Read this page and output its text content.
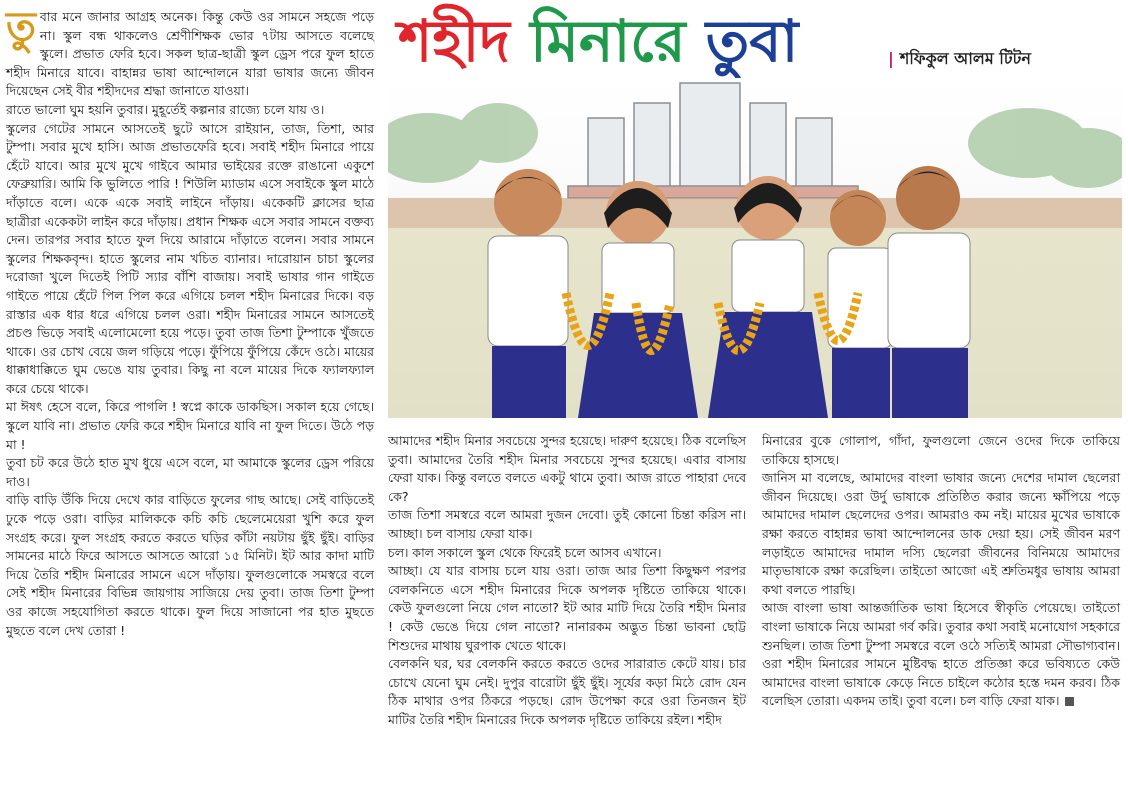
তু বার মনে জানার আগ্রহ অনেক। কিন্তু কেউ ওর সামনে সহজে পড়ে না। স্কুল বন্ধ থাকলেও শ্রেণীশিক্ষক ভোর ৭টায় আসতে বলেছে স্কুলে। প্রভাত ফেরি হবে। সকল ছাত্র-ছাত্রী স্কুল ড্রেস পরে ফুল হাতে শহীদ মিনারে যাবে। বাহান্নর ভাষা আন্দোলনে যারা ভাষার জন্যে জীবন দিয়েছেন সেই বীর শহীদদের শ্রদ্ধা জানাতে যাওয়া।

রাতে ভালো ঘুম হয়নি তুবার। মুহূর্তেই কল্পনার রাজ্যে চলে যায় ও।

স্কুলের গেটের সামনে আসতেই ছুটে আসে রাইয়ান, তাজ, তিশা, আর টুম্পা। সবার মুখে হাসি। আজ প্রভাতফেরি হবে। সবাই শহীদ মিনারে পায়ে হেঁটে যাবে। আর মুখে মুখে গাইবে আমার ভাইয়ের রক্তে রাঙানো একুশে ফেব্রুয়ারি। আমি কি ভুলিতে পারি ! শিউলি ম্যাডাম এসে সবাইকে স্কুল মাঠে দাঁড়াতে বলে। একে একে সবাই লাইনে দাঁড়ায়। একেকটি ক্লাসের ছাত্র ছাত্রীরা একেকটা লাইন করে দাঁড়ায়। প্রধান শিক্ষক এসে সবার সামনে বক্তব্য দেন। তারপর সবার হাতে ফুল দিয়ে আরামে দাঁড়াতে বলেন। সবার সামনে স্কুলের শিক্ষকবৃন্দ। হাতে স্কুলের নাম খচিত ব্যানার। দারোয়ান চাচা স্কুলের দরোজা খুলে দিতেই পিটি স্যার বাঁশি বাজায়। সবাই ভাষার গান গাইতে গাইতে পায়ে হেঁটে পিল পিল করে এগিয়ে চলল শহীদ মিনারের দিকে। বড় রাস্তার এক ধার ধরে এগিয়ে চলল ওরা। শহীদ মিনারের সামনে আসতেই প্রচণ্ড ভিড়ে সবাই এলোমেলো হয়ে পড়ে। তুবা তাজ তিশা টুম্পাকে খুঁজতে থাকে। ওর চোখ বেয়ে জল গড়িয়ে পড়ে। ফুঁপিয়ে ফুঁপিয়ে কেঁদে ওঠে। মায়ের ধাক্কাধাক্কিতে ঘুম ভেঙে যায় তুবার। কিছু না বলে মায়ের দিকে ফ্যালফ্যাল করে চেয়ে থাকে।

মা ঈষৎ হেসে বলে, কিরে পাগলি ! স্বপ্নে কাকে ডাকছিস। সকাল হয়ে গেছে। স্কুলে যাবি না। প্রভাত ফেরি করে শহীদ মিনারে যাবি না ফুল দিতে। উঠে পড় মা !

তুবা চট করে উঠে হাত মুখ ধুয়ে এসে বলে, মা আমাকে স্কুলের ড্রেস পরিয়ে দাও।

বাড়ি বাড়ি উঁকি দিয়ে দেখে কার বাড়িতে ফুলের গাছ আছে। সেই বাড়িতেই ঢুকে পড়ে ওরা। বাড়ির মালিককে কচি কচি ছেলেমেয়েরা খুশি করে ফুল সংগ্রহ করে। ফুল সংগ্রহ করতে করতে ঘড়ির কাঁটা নয়টায় ছুঁই ছুঁই। বাড়ির সামনের মাঠে ফিরে আসতে আসতে আরো ১৫ মিনিট। ইট আর কাদা মাটি দিয়ে তৈরি শহীদ মিনারের সামনে এসে দাঁড়ায়। ফুলগুলোকে সমস্বরে বলে সেই শহীদ মিনারের বিভিন্ন জায়গায় সাজিয়ে দেয় তুবা। তাজ তিশা টুম্পা ওর কাজে সহযোগিতা করতে থাকে। ফুল দিয়ে সাজানো পর হাত মুছতে মুছতে বলে দেখ তোরা !

শহীদ মিনারে তুবা	| শফিকুল আলম টিটন

আমাদের শহীদ মিনার সবচেয়ে সুন্দর হয়েছে। দারুণ হয়েছে। ঠিক বলেছিস তুবা। আমাদের তৈরি শহীদ মিনার সবচেয়ে সুন্দর হয়েছে। এবার বাসায় ফেরা যাক। কিন্তু বলতে বলতে একটু থামে তুবা। আজ রাতে পাহারা দেবে কে?

তাজ তিশা সমস্বরে বলে আমরা দুজন দেবো। তুই কোনো চিন্তা করিস না। আচ্ছা। চল বাসায় ফেরা যাক।

চল। কাল সকালে স্কুল থেকে ফিরেই চলে আসব এখানে।

আচ্ছা। যে যার বাসায় চলে যায় ওরা। তাজ আর তিশা কিছুক্ষণ পরপর বেলকনিতে এসে শহীদ মিনারের দিকে অপলক দৃষ্টিতে তাকিয়ে থাকে। কেউ ফুলগুলো নিয়ে গেল নাতো? ইট আর মাটি দিয়ে তৈরি শহীদ মিনার ! কেউ ভেঙে দিয়ে গেল নাতো? নানারকম অদ্ভুত চিন্তা ভাবনা ছোট্ট শিশুদের মাথায় ঘুরপাক খেতে থাকে।

বেলকনি ঘর, ঘর বেলকনি করতে করতে ওদের সারারাত কেটে যায়। চার চোখে যেনো ঘুম নেই। দুপুর বারোটা ছুঁই ছুঁই। সূর্যের কড়া মিঠে রোদ যেন ঠিক মাথার ওপর ঠিকরে পড়ছে। রোদ উপেক্ষা করে ওরা তিনজন ইট মাটির তৈরি শহীদ মিনারের দিকে অপলক দৃষ্টিতে তাকিয়ে রইল। শহীদ

মিনারের বুকে গোলাপ, গাঁদা, ফুলগুলো জেনে ওদের দিকে তাকিয়ে তাকিয়ে হাসছে।

জানিস মা বলেছে, আমাদের বাংলা ভাষার জন্যে দেশের দামাল ছেলেরা জীবন দিয়েছে। ওরা উর্দু ভাষাকে প্রতিষ্ঠিত করার জন্যে ক্ষাঁপিয়ে পড়ে আমাদের দামাল ছেলেদের ওপর। আমরাও কম নই। মায়ের মুখের ভাষাকে রক্ষা করতে বাহান্নর ভাষা আন্দোলনের ডাক দেয়া হয়। সেই জীবন মরণ লড়াইতে আমাদের দামাল দস্যি ছেলেরা জীবনের বিনিময়ে আমাদের মাতৃভাষাকে রক্ষা করেছিল। তাইতো আজো এই শ্রুতিমধুর ভাষায় আমরা কথা বলতে পারছি।

আজ বাংলা ভাষা আন্তর্জাতিক ভাষা হিসেবে স্বীকৃতি পেয়েছে। তাইতো বাংলা ভাষাকে নিয়ে আমরা গর্ব করি। তুবার কথা সবাই মনোযোগ সহকারে শুনছিল। তাজ তিশা টুম্পা সমস্বরে বলে ওঠে সত্যিই আমরা সৌভাগ্যবান। ওরা শহীদ মিনারের সামনে মুষ্টিবদ্ধ হাতে প্রতিজ্ঞা করে ভবিষ্যতে কেউ আমাদের বাংলা ভাষাকে কেড়ে নিতে চাইলে কঠোর হস্তে দমন করব। ঠিক বলেছিস তোরা। একদম তাই। তুবা বলে। চল বাড়ি ফেরা যাক।
